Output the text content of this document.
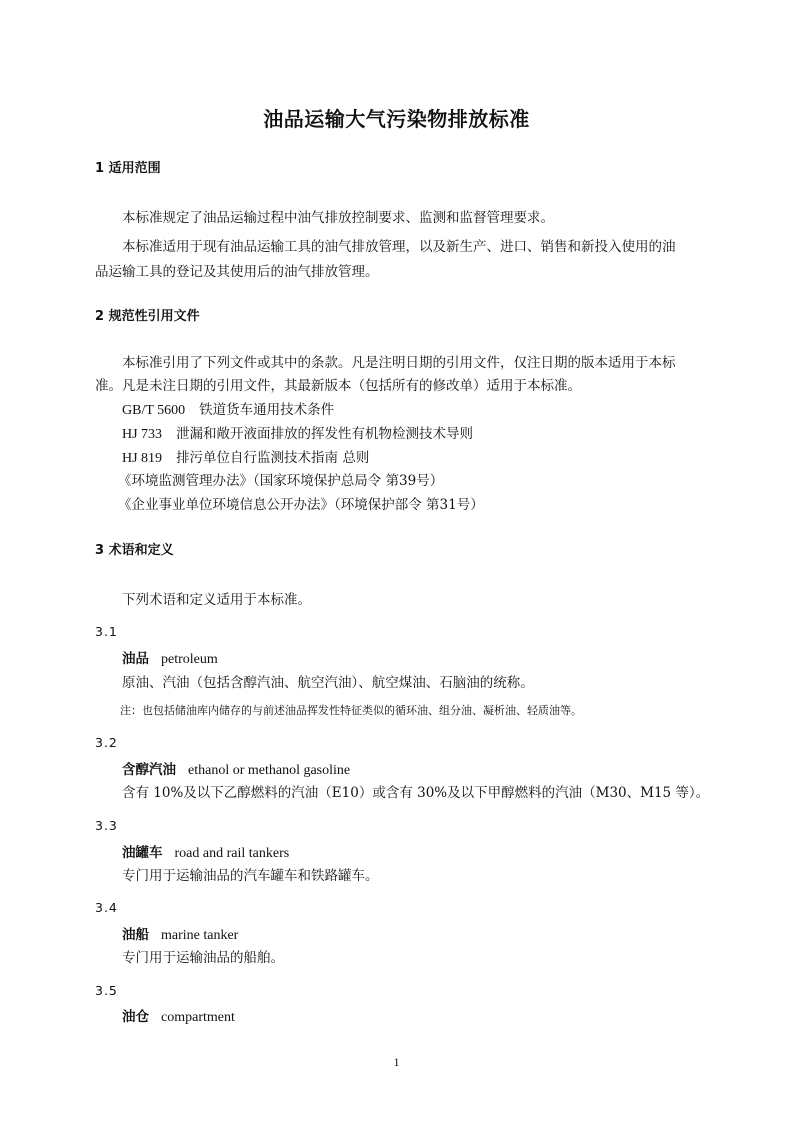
油品运输大气污染物排放标准
1 适用范围
本标准规定了油品运输过程中油气排放控制要求、监测和监督管理要求。
本标准适用于现有油品运输工具的油气排放管理，以及新生产、进口、销售和新投入使用的油
品运输工具的登记及其使用后的油气排放管理。
2 规范性引用文件
本标准引用了下列文件或其中的条款。凡是注明日期的引用文件，仅注日期的版本适用于本标
准。凡是未注日期的引用文件，其最新版本（包括所有的修改单）适用于本标准。
GB/T 5600 铁道货车通用技术条件
HJ 733 泄漏和敞开液面排放的挥发性有机物检测技术导则
HJ 819 排污单位自行监测技术指南 总则
《环境监测管理办法》（国家环境保护总局令 第39号）
《企业事业单位环境信息公开办法》（环境保护部令 第31号）
3 术语和定义
下列术语和定义适用于本标准。
3.1
油品 petroleum
原油、汽油（包括含醇汽油、航空汽油）、航空煤油、石脑油的统称。
注：也包括储油库内储存的与前述油品挥发性特征类似的循环油、组分油、凝析油、轻质油等。
3.2
含醇汽油 ethanol or methanol gasoline
含有 10%及以下乙醇燃料的汽油（E10）或含有 30%及以下甲醇燃料的汽油（M30、M15 等）。
3.3
油罐车 road and rail tankers
专门用于运输油品的汽车罐车和铁路罐车。
3.4
油船 marine tanker
专门用于运输油品的船舶。
3.5
油仓 compartment
1
